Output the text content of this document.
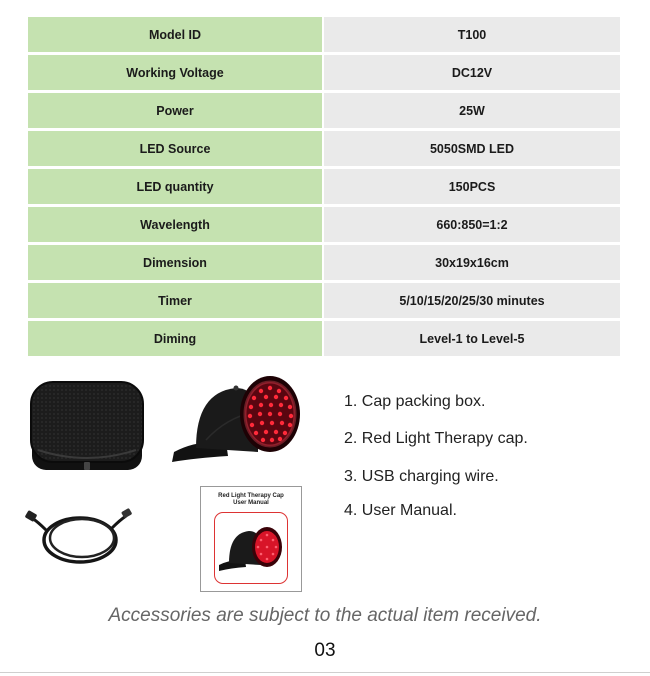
Model ID	T100
Working Voltage	DC12V
Power	25W
LED Source	5050SMD LED
LED quantity	150PCS
Wavelength	660:850=1:2
Dimension	30x19x16cm
Timer	5/10/15/20/25/30 minutes
Diming	Level-1 to Level-5
Red Light Therapy Cap
User Manual
1. Cap packing box.
2. Red Light Therapy cap.
3. USB charging wire.
4. User Manual.
Accessories are subject to the actual item received.
03
